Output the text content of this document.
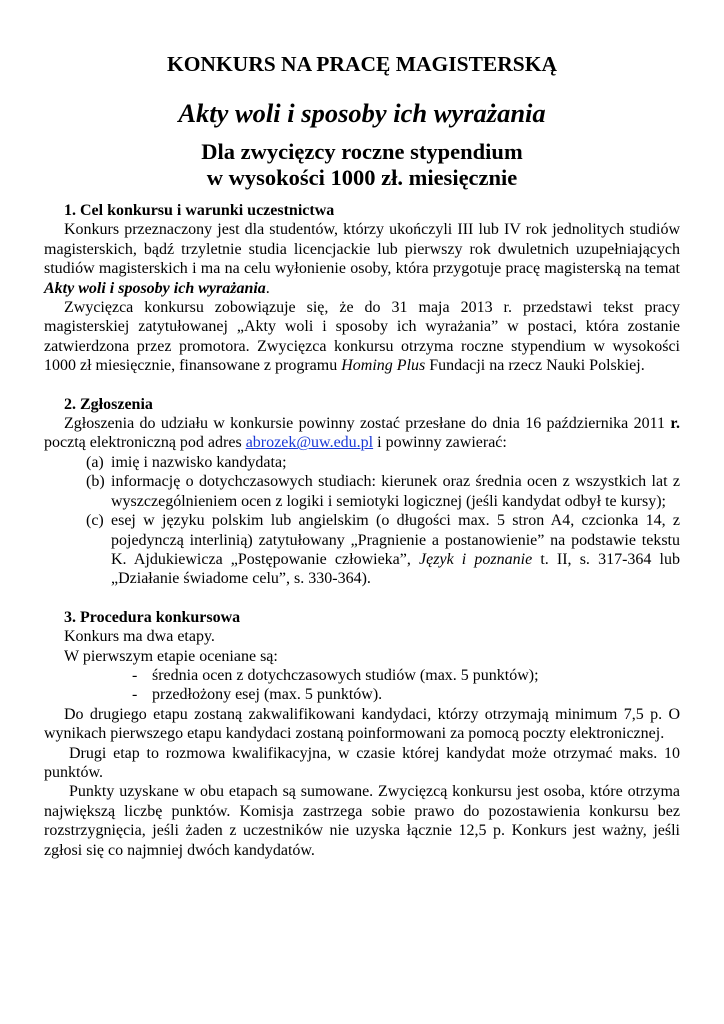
KONKURS NA PRACĘ MAGISTERSKĄ
Akty woli i sposoby ich wyrażania
Dla zwycięzcy roczne stypendium
w wysokości 1000 zł. miesięcznie

1. Cel konkursu i warunki uczestnictwa

Konkurs przeznaczony jest dla studentów, którzy ukończyli III lub IV rok jednolitych studiów magisterskich, bądź trzyletnie studia licencjackie lub pierwszy rok dwuletnich uzupełniających studiów magisterskich i ma na celu wyłonienie osoby, która przygotuje pracę magisterską na temat Akty woli i sposoby ich wyrażania.

Zwycięzca konkursu zobowiązuje się, że do 31 maja 2013 r. przedstawi tekst pracy magisterskiej zatytułowanej „Akty woli i sposoby ich wyrażania” w postaci, która zostanie zatwierdzona przez promotora. Zwycięzca konkursu otrzyma roczne stypendium w wysokości 1000 zł miesięcznie, finansowane z programu Homing Plus Fundacji na rzecz Nauki Polskiej.

2. Zgłoszenia

Zgłoszenia do udziału w konkursie powinny zostać przesłane do dnia 16 października 2011 r. pocztą elektroniczną pod adres abrozek@uw.edu.pl i powinny zawierać:

(a) imię i nazwisko kandydata;
(b) informację o dotychczasowych studiach: kierunek oraz średnia ocen z wszystkich lat z wyszczególnieniem ocen z logiki i semiotyki logicznej (jeśli kandydat odbył te kursy);
(c) esej w języku polskim lub angielskim (o długości max. 5 stron A4, czcionka 14, z pojedynczą interlinią) zatytułowany „Pragnienie a postanowienie” na podstawie tekstu K. Ajdukiewicza „Postępowanie człowieka”, Język i poznanie t. II, s. 317-364 lub „Działanie świadome celu”, s. 330-364).

3. Procedura konkursowa

Konkurs ma dwa etapy.

W pierwszym etapie oceniane są:

- średnia ocen z dotychczasowych studiów (max. 5 punktów);
- przedłożony esej (max. 5 punktów).

Do drugiego etapu zostaną zakwalifikowani kandydaci, którzy otrzymają minimum 7,5 p. O wynikach pierwszego etapu kandydaci zostaną poinformowani za pomocą poczty elektronicznej.

Drugi etap to rozmowa kwalifikacyjna, w czasie której kandydat może otrzymać maks. 10 punktów.

Punkty uzyskane w obu etapach są sumowane. Zwycięzcą konkursu jest osoba, które otrzyma największą liczbę punktów. Komisja zastrzega sobie prawo do pozostawienia konkursu bez rozstrzygnięcia, jeśli żaden z uczestników nie uzyska łącznie 12,5 p. Konkurs jest ważny, jeśli zgłosi się co najmniej dwóch kandydatów.
